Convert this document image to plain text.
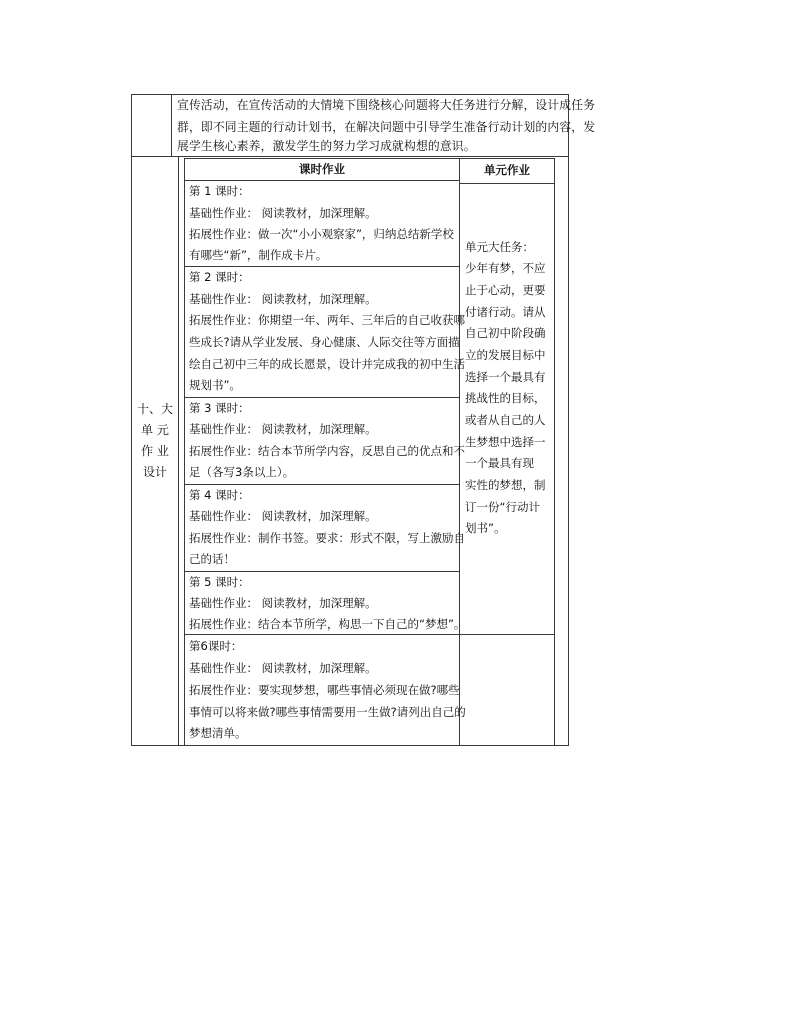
宣传活动，在宣传活动的大情境下围绕核心问题将大任务进行分解，设计成任务
群，即不同主题的行动计划书，在解决问题中引导学生准备行动计划的内容，发
展学生核心素养，激发学生的努力学习成就构想的意识。
十、大
单 元
作 业
设计
课时作业	单元作业
第 1 课时：
基础性作业： 阅读教材，加深理解。
拓展性作业：做一次“小小观察家”，归纳总结新学校
有哪些“新”，制作成卡片。
第 2 课时：
基础性作业： 阅读教材，加深理解。
拓展性作业：你期望一年、两年、三年后的自己收获哪
些成长?请从学业发展、身心健康、人际交往等方面描
绘自己初中三年的成长愿景，设计并完成我的初中生活
规划书”。
第 3 课时：
基础性作业： 阅读教材，加深理解。
拓展性作业：结合本节所学内容，反思自己的优点和不
足（各写3条以上）。
第 4 课时：
基础性作业： 阅读教材，加深理解。
拓展性作业：制作书签。要求：形式不限，写上激励自
己的话！
第 5 课时：
基础性作业： 阅读教材，加深理解。
拓展性作业：结合本节所学，构思一下自己的“梦想”。
第6课时：
基础性作业： 阅读教材，加深理解。
拓展性作业：要实现梦想，哪些事情必须现在做?哪些
事情可以将来做?哪些事情需要用一生做?请列出自己的
梦想清单。
单元大任务：
少年有梦，不应
止于心动，更要
付诸行动。请从
自己初中阶段确
立的发展目标中
选择一个最具有
挑战性的目标，
或者从自己的人
生梦想中选择一
一个最具有现
实性的梦想，制
订一份“行动计
划书”。
